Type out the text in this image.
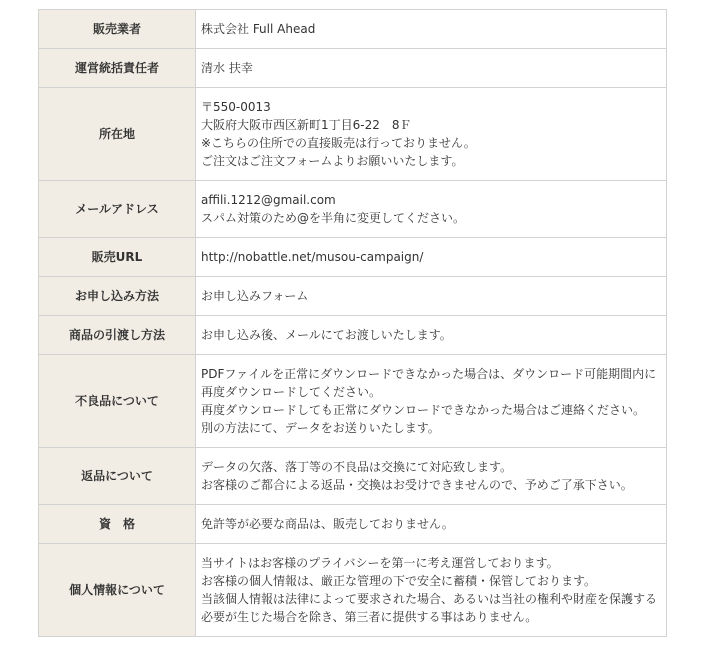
販売業者	株式会社 Full Ahead

運営統括責任者	清水 扶幸

所在地	〒550-0013
大阪府大阪市西区新町1丁目6-22　8Ｆ
※こちらの住所での直接販売は行っておりません。
ご注文はご注文フォームよりお願いいたします。

メールアドレス	affili.1212@gmail.com
スパム対策のため@を半角に変更してください。

販売URL	http://nobattle.net/musou-campaign/

お申し込み方法	お申し込みフォーム

商品の引渡し方法	お申し込み後、メールにてお渡しいたします。

不良品について	PDFファイルを正常にダウンロードできなかった場合は、ダウンロード可能期間内に
再度ダウンロードしてください。
再度ダウンロードしても正常にダウンロードできなかった場合はご連絡ください。
別の方法にて、データをお送りいたします。

返品について	データの欠落、落丁等の不良品は交換にて対応致します。
お客様のご都合による返品・交換はお受けできませんので、予めご了承下さい。

資　格	免許等が必要な商品は、販売しておりません。

個人情報について	当サイトはお客様のプライバシーを第一に考え運営しております。
お客様の個人情報は、厳正な管理の下で安全に蓄積・保管しております。
当該個人情報は法律によって要求された場合、あるいは当社の権利や財産を保護する
必要が生じた場合を除き、第三者に提供する事はありません。
